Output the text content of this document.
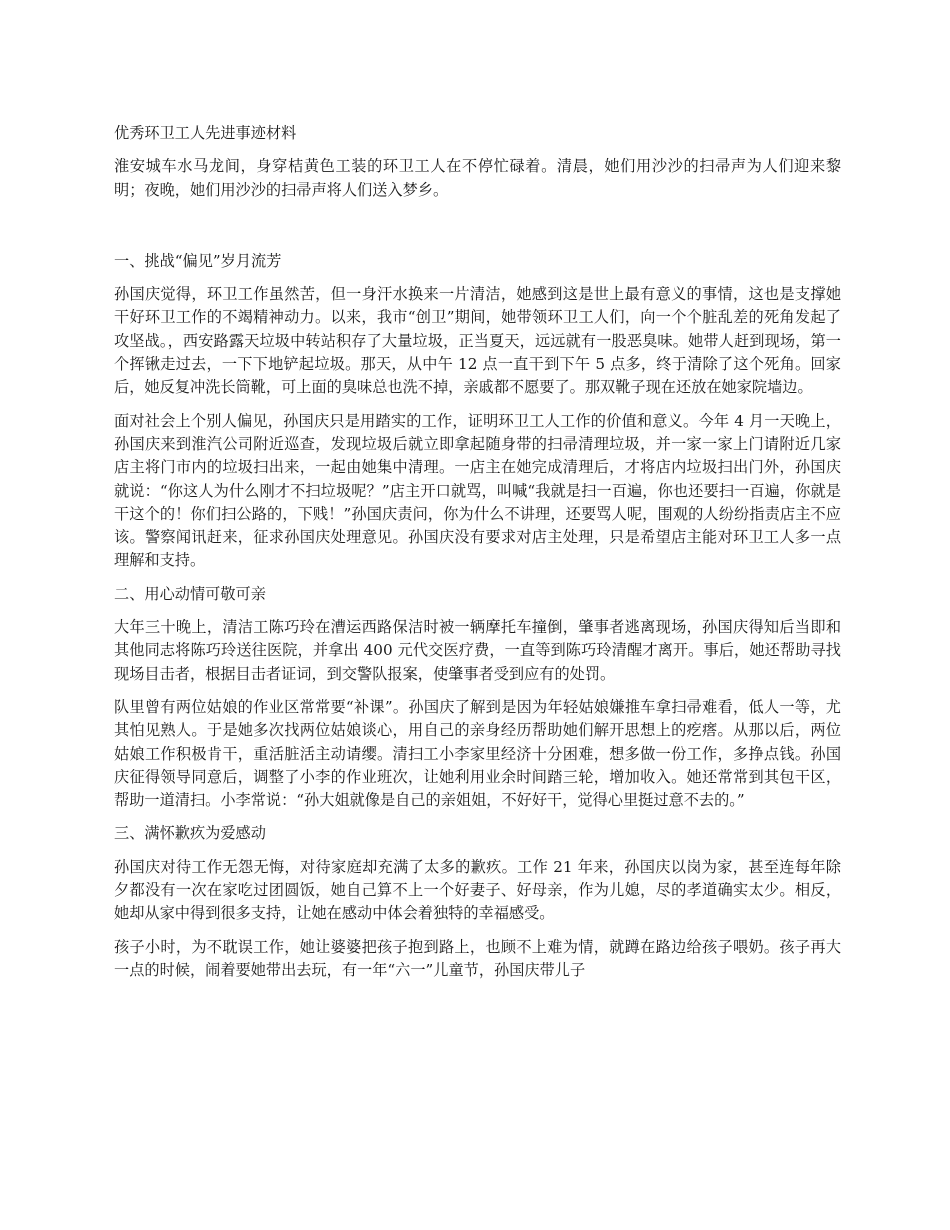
优秀环卫工人先进事迹材料

淮安城车水马龙间，身穿桔黄色工装的环卫工人在不停忙碌着。清晨，她们用沙沙的扫帚声为人们迎来黎明；夜晚，她们用沙沙的扫帚声将人们送入梦乡。

一、挑战“偏见”岁月流芳

孙国庆觉得，环卫工作虽然苦，但一身汗水换来一片清洁，她感到这是世上最有意义的事情，这也是支撑她干好环卫工作的不竭精神动力。以来，我市“创卫”期间，她带领环卫工人们，向一个个脏乱差的死角发起了攻坚战。，西安路露天垃圾中转站积存了大量垃圾，正当夏天，远远就有一股恶臭味。她带人赶到现场，第一个挥锹走过去，一下下地铲起垃圾。那天，从中午 12 点一直干到下午 5 点多，终于清除了这个死角。回家后，她反复冲洗长筒靴，可上面的臭味总也洗不掉，亲戚都不愿要了。那双靴子现在还放在她家院墙边。

面对社会上个别人偏见，孙国庆只是用踏实的工作，证明环卫工人工作的价值和意义。今年 4 月一天晚上，孙国庆来到淮汽公司附近巡查，发现垃圾后就立即拿起随身带的扫帚清理垃圾，并一家一家上门请附近几家店主将门市内的垃圾扫出来，一起由她集中清理。一店主在她完成清理后，才将店内垃圾扫出门外，孙国庆就说：“你这人为什么刚才不扫垃圾呢？”店主开口就骂，叫喊“我就是扫一百遍，你也还要扫一百遍，你就是干这个的！你们扫公路的，下贱！”孙国庆责问，你为什么不讲理，还要骂人呢，围观的人纷纷指责店主不应该。警察闻讯赶来，征求孙国庆处理意见。孙国庆没有要求对店主处理，只是希望店主能对环卫工人多一点理解和支持。

二、用心动情可敬可亲

大年三十晚上，清洁工陈巧玲在漕运西路保洁时被一辆摩托车撞倒，肇事者逃离现场，孙国庆得知后当即和其他同志将陈巧玲送往医院，并拿出 400 元代交医疗费，一直等到陈巧玲清醒才离开。事后，她还帮助寻找现场目击者，根据目击者证词，到交警队报案，使肇事者受到应有的处罚。

队里曾有两位姑娘的作业区常常要“补课”。孙国庆了解到是因为年轻姑娘嫌推车拿扫帚难看，低人一等，尤其怕见熟人。于是她多次找两位姑娘谈心，用自己的亲身经历帮助她们解开思想上的疙瘩。从那以后，两位姑娘工作积极肯干，重活脏活主动请缨。清扫工小李家里经济十分困难，想多做一份工作，多挣点钱。孙国庆征得领导同意后，调整了小李的作业班次，让她利用业余时间踏三轮，增加收入。她还常常到其包干区，帮助一道清扫。小李常说：“孙大姐就像是自己的亲姐姐，不好好干，觉得心里挺过意不去的。”

三、满怀歉疚为爱感动

孙国庆对待工作无怨无悔，对待家庭却充满了太多的歉疚。工作 21 年来，孙国庆以岗为家，甚至连每年除夕都没有一次在家吃过团圆饭，她自己算不上一个好妻子、好母亲，作为儿媳，尽的孝道确实太少。相反，她却从家中得到很多支持，让她在感动中体会着独特的幸福感受。

孩子小时，为不耽误工作，她让婆婆把孩子抱到路上，也顾不上难为情，就蹲在路边给孩子喂奶。孩子再大一点的时候，闹着要她带出去玩，有一年“六一”儿童节，孙国庆带儿子
